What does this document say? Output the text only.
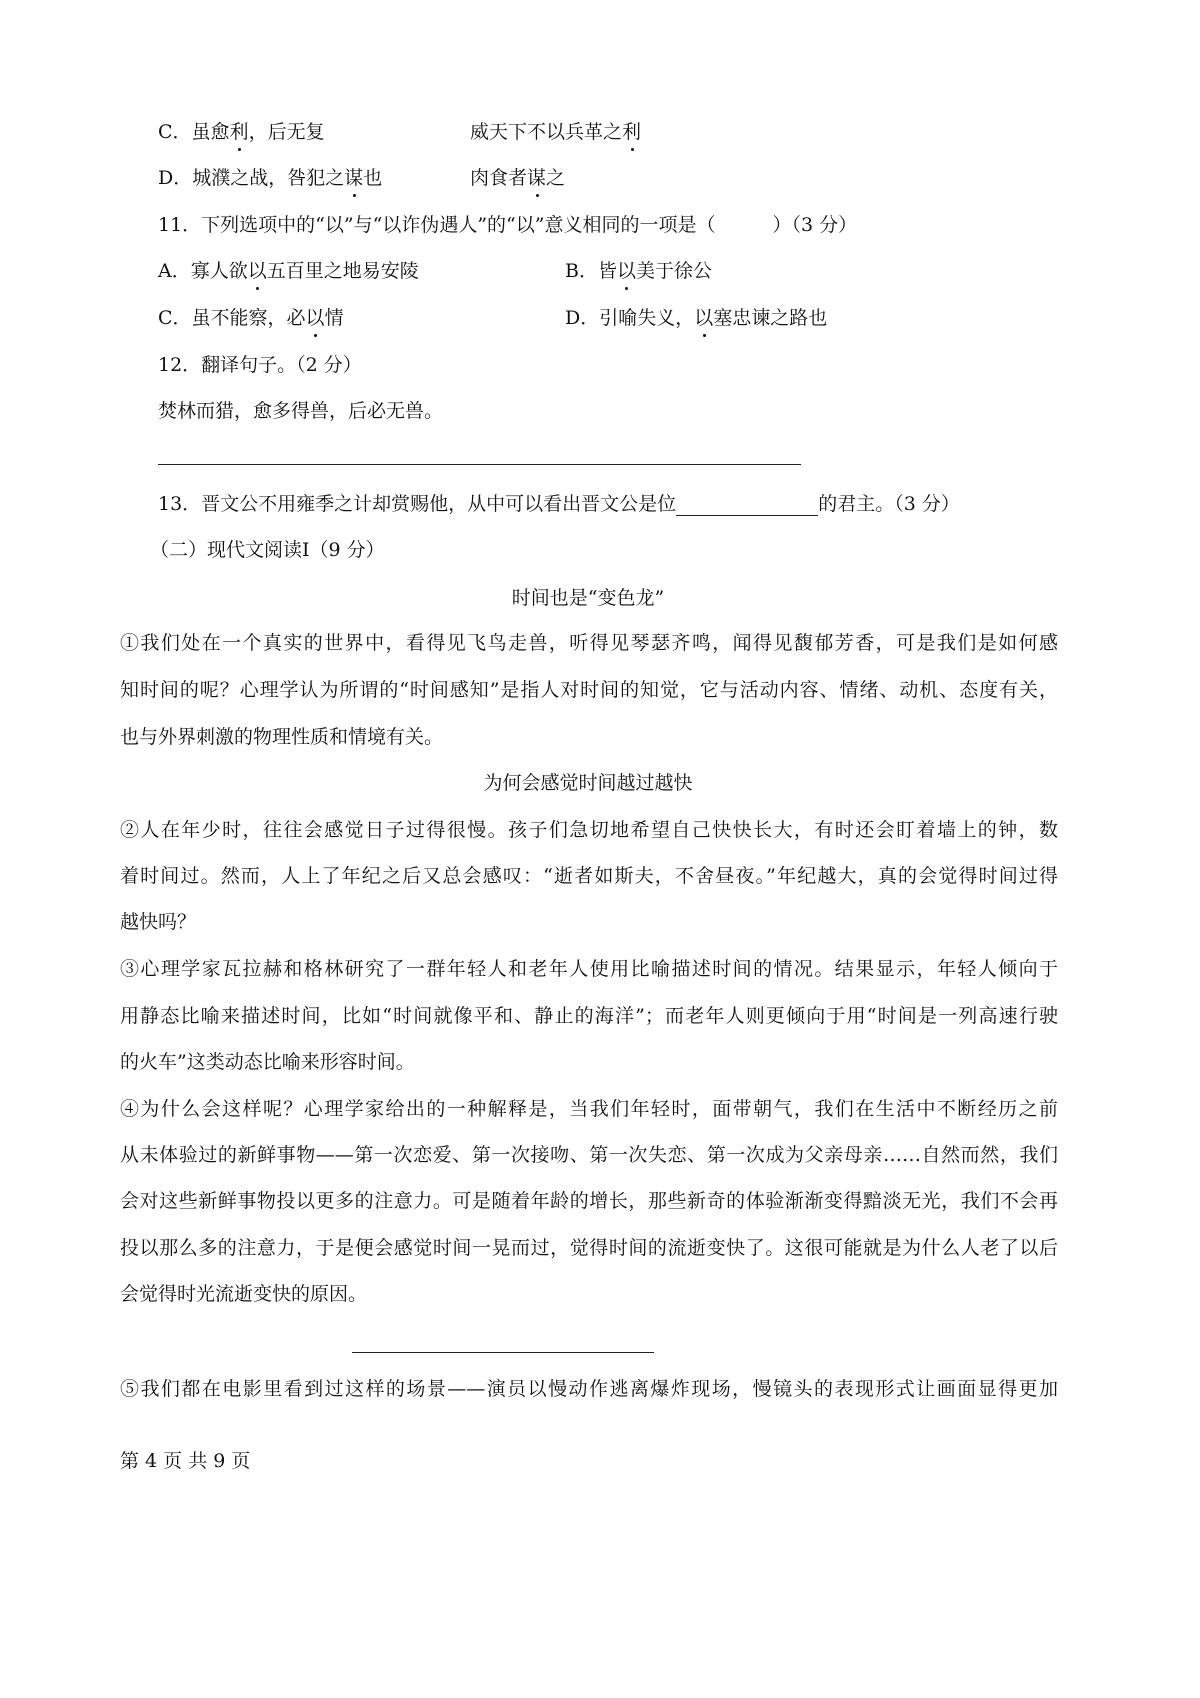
C．虽愈利，后无复	威天下不以兵革之利
D．城濮之战，咎犯之谋也	肉食者谋之
11．下列选项中的“以”与“以诈伪遇人”的“以”意义相同的一项是（　　　）（3 分）
A．寡人欲以五百里之地易安陵	B．皆以美于徐公
C．虽不能察，必以情	D．引喻失义，以塞忠谏之路也
12．翻译句子。（2 分）
焚林而猎，愈多得兽，后必无兽。
13．晋文公不用雍季之计却赏赐他，从中可以看出晋文公是位	的君主。（3 分）
（二）现代文阅读Ⅰ（9 分）
时间也是“变色龙”
①我们处在一个真实的世界中，看得见飞鸟走兽，听得见琴瑟齐鸣，闻得见馥郁芳香，可是我们是如何感
知时间的呢？心理学认为所谓的“时间感知”是指人对时间的知觉，它与活动内容、情绪、动机、态度有关，
也与外界刺激的物理性质和情境有关。
为何会感觉时间越过越快
②人在年少时，往往会感觉日子过得很慢。孩子们急切地希望自己快快长大，有时还会盯着墙上的钟，数
着时间过。然而，人上了年纪之后又总会感叹：“逝者如斯夫，不舍昼夜。”年纪越大，真的会觉得时间过得
越快吗？
③心理学家瓦拉赫和格林研究了一群年轻人和老年人使用比喻描述时间的情况。结果显示，年轻人倾向于
用静态比喻来描述时间，比如“时间就像平和、静止的海洋”；而老年人则更倾向于用“时间是一列高速行驶
的火车”这类动态比喻来形容时间。
④为什么会这样呢？心理学家给出的一种解释是，当我们年轻时，面带朝气，我们在生活中不断经历之前
从未体验过的新鲜事物——第一次恋爱、第一次接吻、第一次失恋、第一次成为父亲母亲……自然而然，我们
会对这些新鲜事物投以更多的注意力。可是随着年龄的增长，那些新奇的体验渐渐变得黯淡无光，我们不会再
投以那么多的注意力，于是便会感觉时间一晃而过，觉得时间的流逝变快了。这很可能就是为什么人老了以后
会觉得时光流逝变快的原因。
⑤我们都在电影里看到过这样的场景——演员以慢动作逃离爆炸现场，慢镜头的表现形式让画面显得更加
第 4 页 共 9 页
